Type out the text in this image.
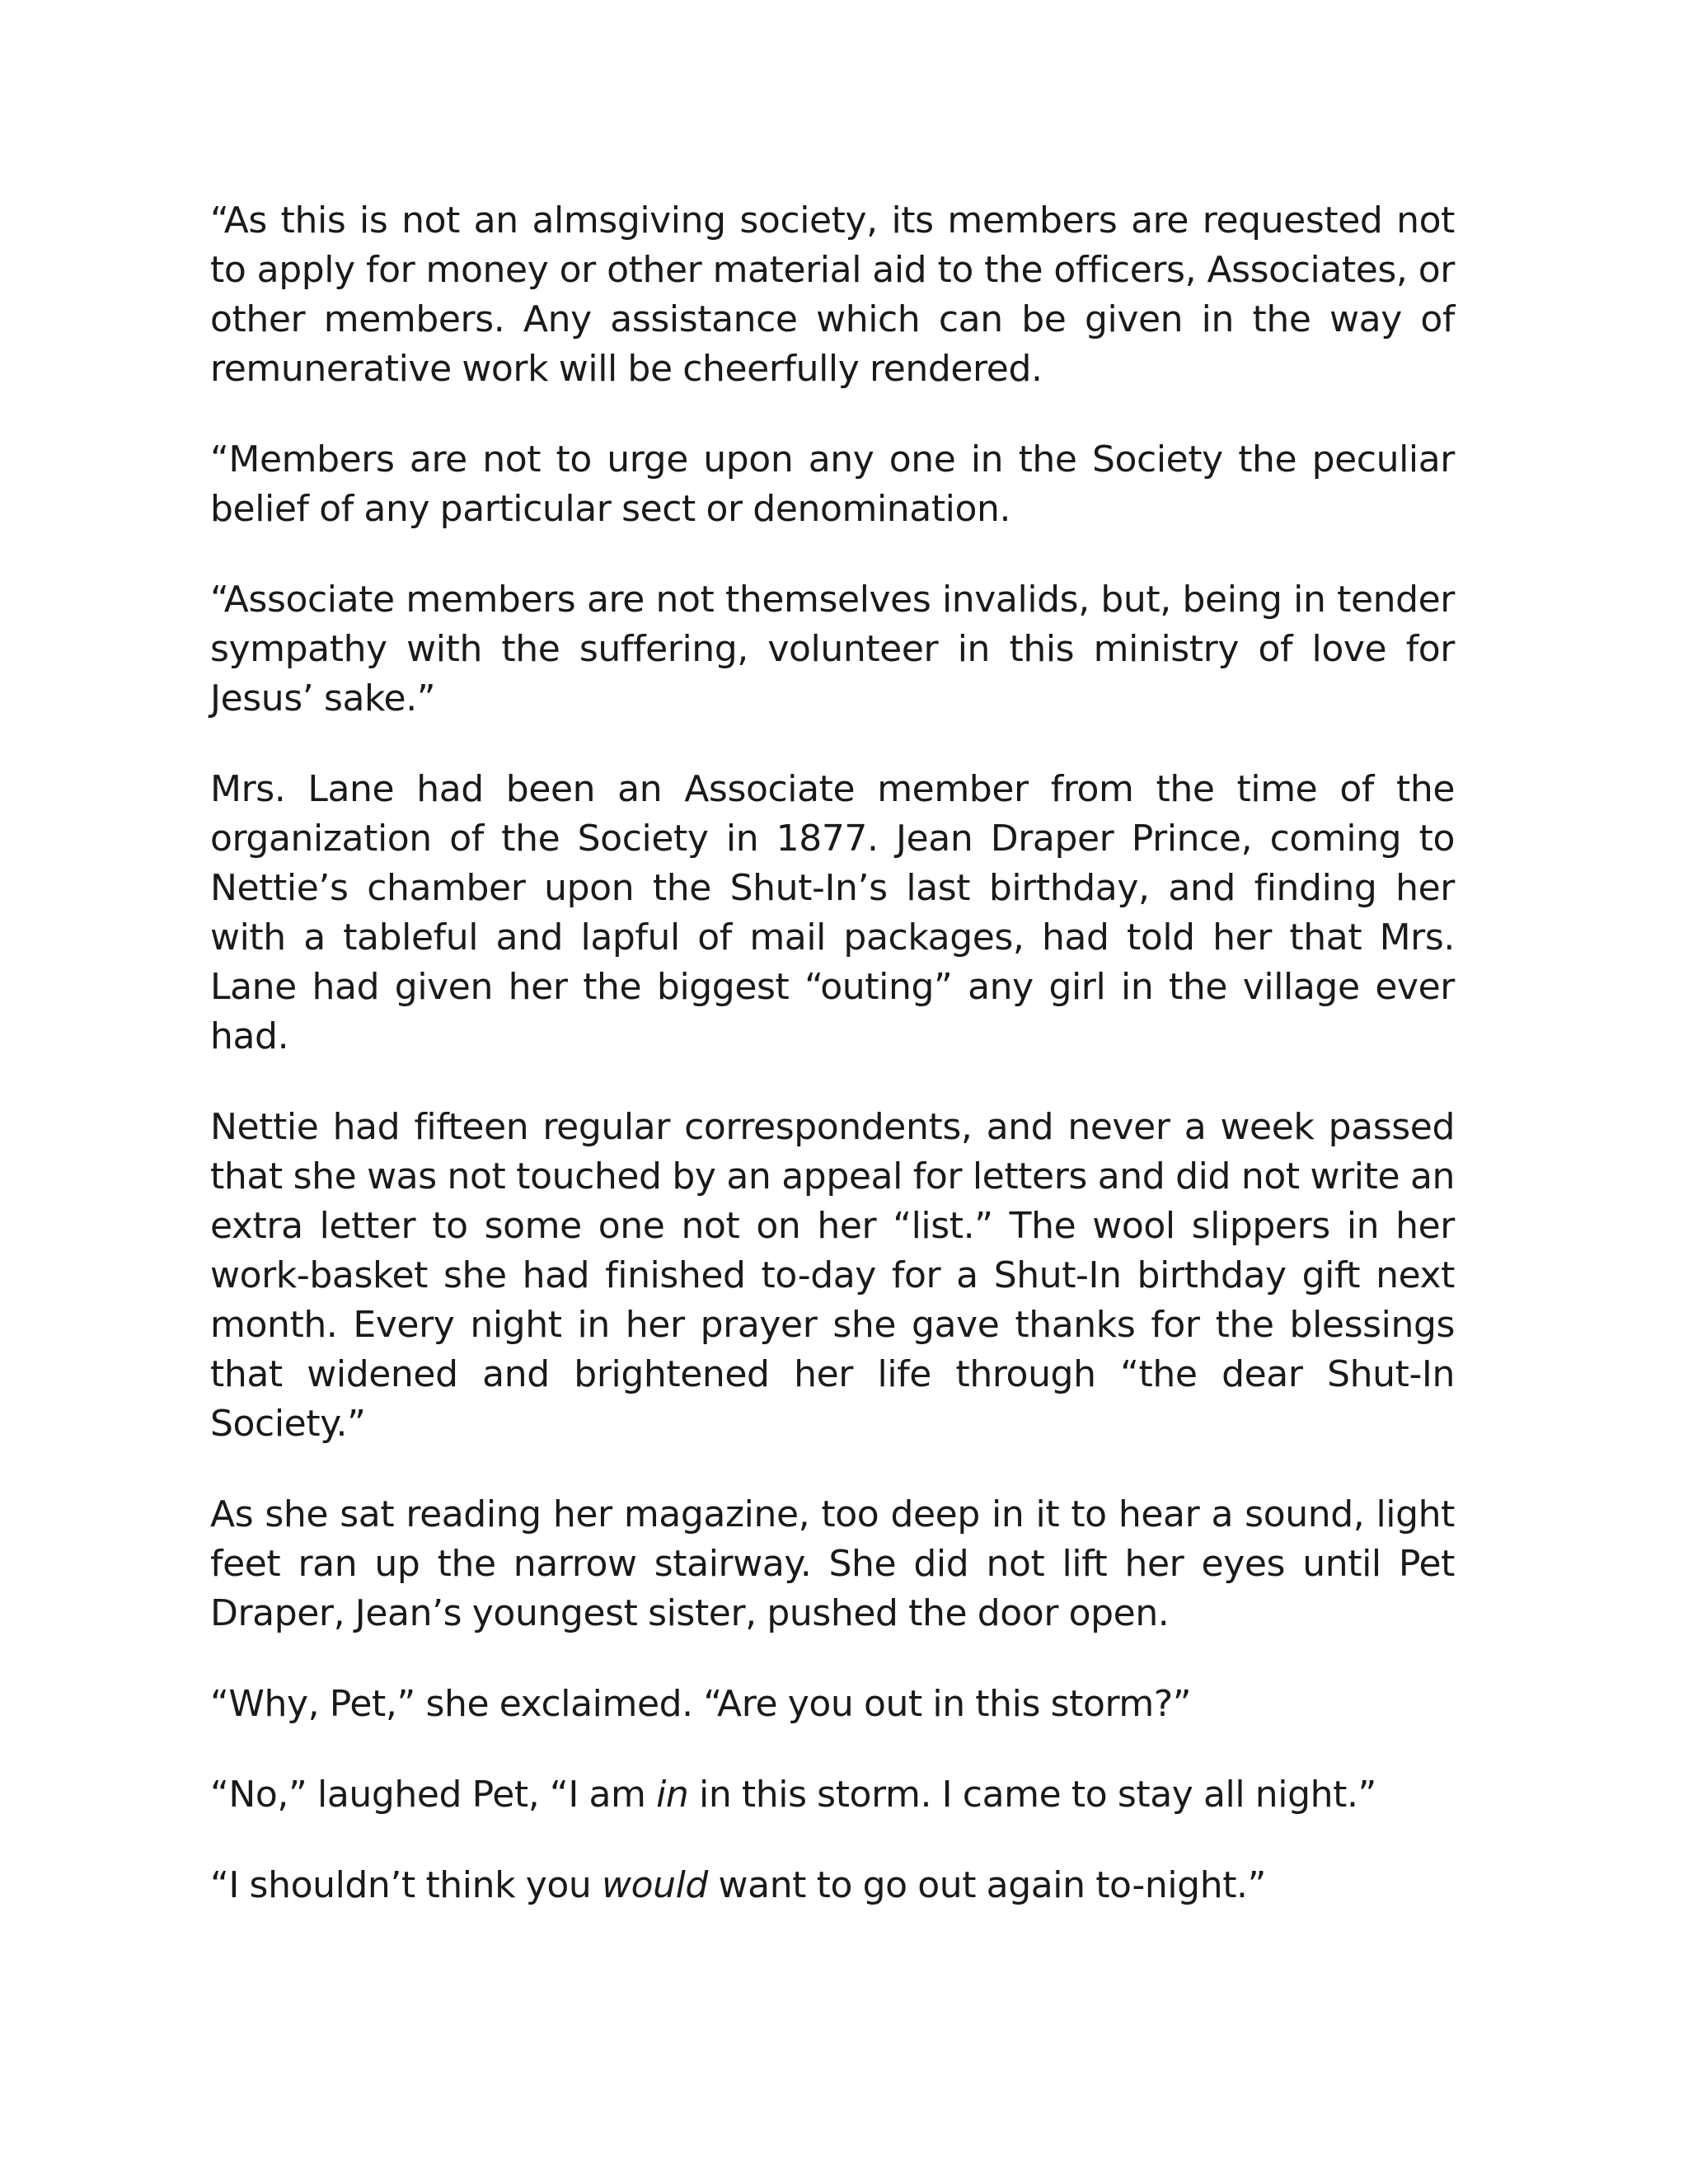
“As this is not an almsgiving society, its members are requested not to apply for money or other material aid to the officers, Associates, or other members. Any assistance which can be given in the way of remunerative work will be cheerfully rendered.

“Members are not to urge upon any one in the Society the peculiar belief of any particular sect or denomination.

“Associate members are not themselves invalids, but, being in tender sympathy with the suffering, volunteer in this ministry of love for Jesus’ sake.”

Mrs. Lane had been an Associate member from the time of the organization of the Society in 1877. Jean Draper Prince, coming to Nettie’s chamber upon the Shut-In’s last birthday, and finding her with a tableful and lapful of mail packages, had told her that Mrs. Lane had given her the biggest “outing” any girl in the village ever had.

Nettie had fifteen regular correspondents, and never a week passed that she was not touched by an appeal for letters and did not write an extra letter to some one not on her “list.” The wool slippers in her work-basket she had finished to-day for a Shut-In birthday gift next month. Every night in her prayer she gave thanks for the blessings that widened and brightened her life through “the dear Shut-In Society.”

As she sat reading her magazine, too deep in it to hear a sound, light feet ran up the narrow stairway. She did not lift her eyes until Pet Draper, Jean’s youngest sister, pushed the door open.

“Why, Pet,” she exclaimed. “Are you out in this storm?”

“No,” laughed Pet, “I am in in this storm. I came to stay all night.”

“I shouldn’t think you would want to go out again to-night.”
